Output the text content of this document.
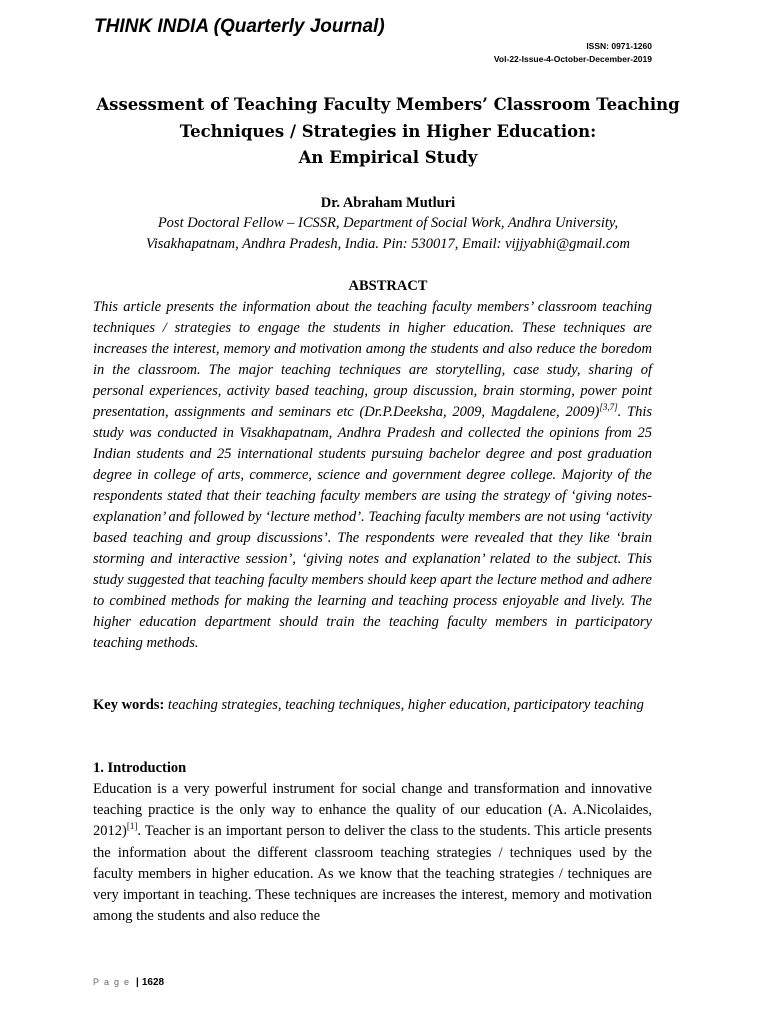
THINK INDIA (Quarterly Journal)
ISSN: 0971-1260
Vol-22-Issue-4-October-December-2019
Assessment of Teaching Faculty Members’ Classroom Teaching
Techniques / Strategies in Higher Education:
An Empirical Study
Dr. Abraham Mutluri
Post Doctoral Fellow – ICSSR, Department of Social Work, Andhra University,
Visakhapatnam, Andhra Pradesh, India. Pin: 530017, Email: vijjyabhi@gmail.com
ABSTRACT

This article presents the information about the teaching faculty members’ classroom teaching techniques / strategies to engage the students in higher education. These techniques are increases the interest, memory and motivation among the students and also reduce the boredom in the classroom. The major teaching techniques are storytelling, case study, sharing of personal experiences, activity based teaching, group discussion, brain storming, power point presentation, assignments and seminars etc (Dr.P.Deeksha, 2009, Magdalene, 2009)[3,7]. This study was conducted in Visakhapatnam, Andhra Pradesh and collected the opinions from 25 Indian students and 25 international students pursuing bachelor degree and post graduation degree in college of arts, commerce, science and government degree college. Majority of the respondents stated that their teaching faculty members are using the strategy of ‘giving notes-explanation’ and followed by ‘lecture method’. Teaching faculty members are not using ‘activity based teaching and group discussions’. The respondents were revealed that they like ‘brain storming and interactive session’, ‘giving notes and explanation’ related to the subject. This study suggested that teaching faculty members should keep apart the lecture method and adhere to combined methods for making the learning and teaching process enjoyable and lively. The higher education department should train the teaching faculty members in participatory teaching methods.

Key words: teaching strategies, teaching techniques, higher education, participatory teaching

1. Introduction

Education is a very powerful instrument for social change and transformation and innovative teaching practice is the only way to enhance the quality of our education (A. A.Nicolaides, 2012)[1]. Teacher is an important person to deliver the class to the students. This article presents the information about the different classroom teaching strategies / techniques used by the faculty members in higher education. As we know that the teaching strategies / techniques are very important in teaching. These techniques are increases the interest, memory and motivation among the students and also reduce the

Page | 1628
